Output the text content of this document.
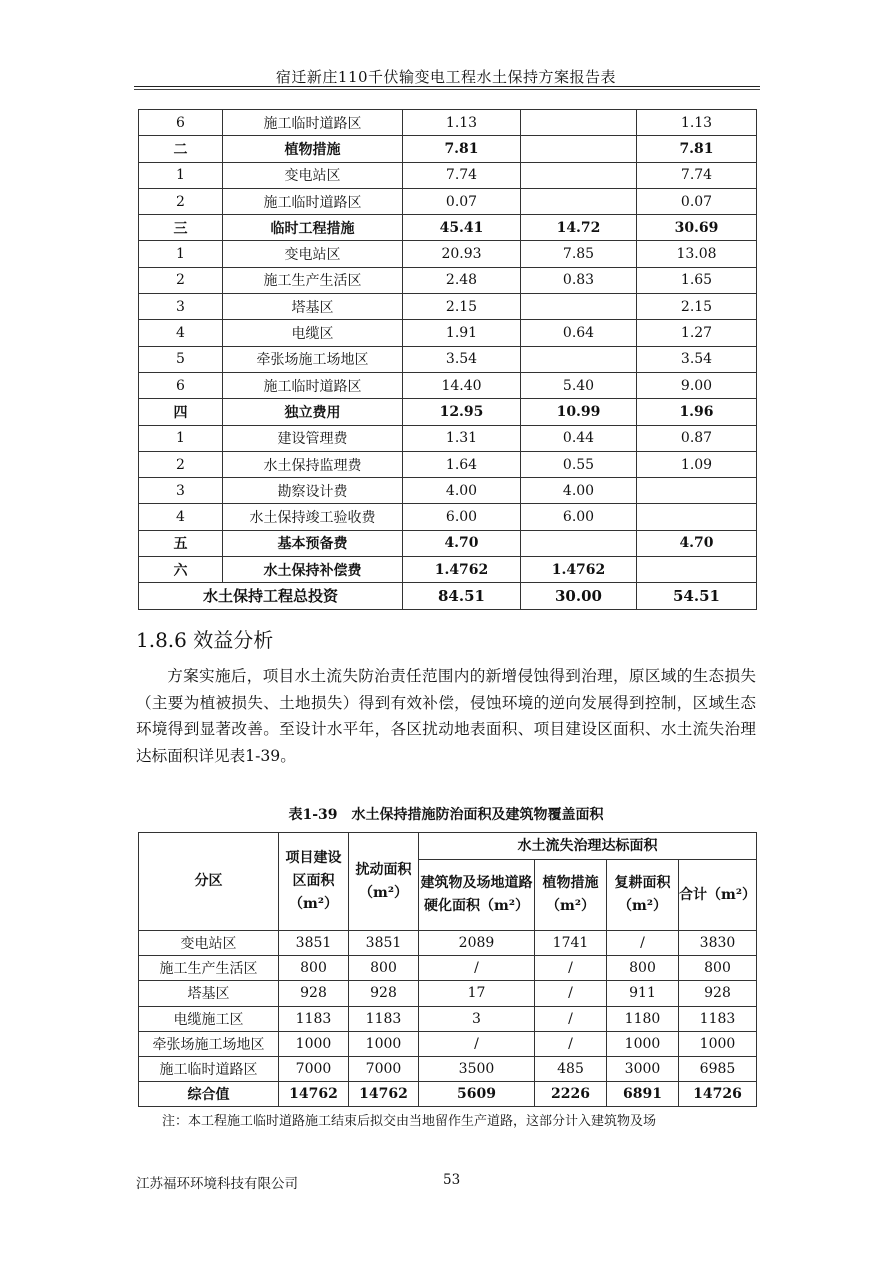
宿迁新庄110千伏输变电工程水土保持方案报告表
6	施工临时道路区	1.13		1.13
二	植物措施	7.81		7.81
1	变电站区	7.74		7.74
2	施工临时道路区	0.07		0.07
三	临时工程措施	45.41	14.72	30.69
1	变电站区	20.93	7.85	13.08
2	施工生产生活区	2.48	0.83	1.65
3	塔基区	2.15		2.15
4	电缆区	1.91	0.64	1.27
5	牵张场施工场地区	3.54		3.54
6	施工临时道路区	14.40	5.40	9.00
四	独立费用	12.95	10.99	1.96
1	建设管理费	1.31	0.44	0.87
2	水土保持监理费	1.64	0.55	1.09
3	勘察设计费	4.00	4.00	
4	水土保持竣工验收费	6.00	6.00	
五	基本预备费	4.70		4.70
六	水土保持补偿费	1.4762	1.4762	
水土保持工程总投资		84.51	30.00	54.51
1.8.6 效益分析
方案实施后，项目水土流失防治责任范围内的新增侵蚀得到治理，原区域的生态损失（主要为植被损失、土地损失）得到有效补偿，侵蚀环境的逆向发展得到控制，区域生态环境得到显著改善。至设计水平年，各区扰动地表面积、项目建设区面积、水土流失治理达标面积详见表1-39。
表1-39　水土保持措施防治面积及建筑物覆盖面积
分区	项目建设区面积（m²）	扰动面积（m²）	水土流失治理达标面积			
			建筑物及场地道路硬化面积（m²）	植物措施（m²）	复耕面积（m²）	合计（m²）
变电站区	3851	3851	2089	1741	/	3830
施工生产生活区	800	800	/	/	800	800
塔基区	928	928	17	/	911	928
电缆施工区	1183	1183	3	/	1180	1183
牵张场施工场地区	1000	1000	/	/	1000	1000
施工临时道路区	7000	7000	3500	485	3000	6985
综合值	14762	14762	5609	2226	6891	14726
注：本工程施工临时道路施工结束后拟交由当地留作生产道路，这部分计入建筑物及场
江苏福环环境科技有限公司	53
